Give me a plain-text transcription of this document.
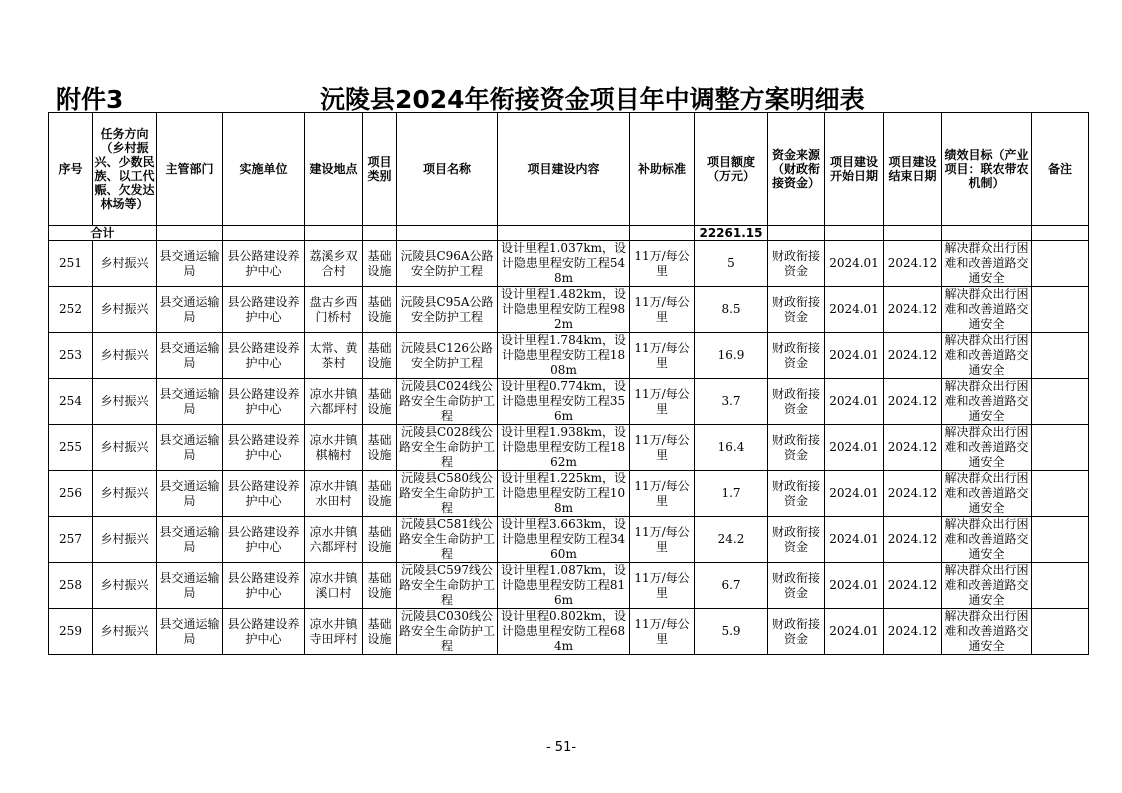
附件3	沅陵县2024年衔接资金项目年中调整方案明细表
序号	任务方向（乡村振兴、少数民族、以工代赈、欠发达林场等）	主管部门	实施单位	建设地点	项目类别	项目名称	项目建设内容	补助标准	项目额度（万元）	资金来源（财政衔接资金）	项目建设开始日期	项目建设结束日期	绩效目标（产业项目：联农带农机制）	备注
合计									22261.15					

251	乡村振兴	县交通运输局	县公路建设养护中心	荔溪乡双合村	基础设施	沅陵县C96A公路安全防护工程	设计里程1.037km，设计隐患里程安防工程548m	11万/每公里	5	财政衔接资金	2024.01	2024.12	解决群众出行困难和改善道路交通安全	

252	乡村振兴	县交通运输局	县公路建设养护中心	盘古乡西门桥村	基础设施	沅陵县C95A公路安全防护工程	设计里程1.482km，设计隐患里程安防工程982m	11万/每公里	8.5	财政衔接资金	2024.01	2024.12	解决群众出行困难和改善道路交通安全	

253	乡村振兴	县交通运输局	县公路建设养护中心	太常、黄茶村	基础设施	沅陵县C126公路安全防护工程	设计里程1.784km，设计隐患里程安防工程1808m	11万/每公里	16.9	财政衔接资金	2024.01	2024.12	解决群众出行困难和改善道路交通安全	

254	乡村振兴	县交通运输局	县公路建设养护中心	凉水井镇六都坪村	基础设施	沅陵县C024线公路安全生命防护工程	设计里程0.774km，设计隐患里程安防工程356m	11万/每公里	3.7	财政衔接资金	2024.01	2024.12	解决群众出行困难和改善道路交通安全	

255	乡村振兴	县交通运输局	县公路建设养护中心	凉水井镇棋楠村	基础设施	沅陵县C028线公路安全生命防护工程	设计里程1.938km，设计隐患里程安防工程1862m	11万/每公里	16.4	财政衔接资金	2024.01	2024.12	解决群众出行困难和改善道路交通安全	

256	乡村振兴	县交通运输局	县公路建设养护中心	凉水井镇水田村	基础设施	沅陵县C580线公路安全生命防护工程	设计里程1.225km，设计隐患里程安防工程108m	11万/每公里	1.7	财政衔接资金	2024.01	2024.12	解决群众出行困难和改善道路交通安全	

257	乡村振兴	县交通运输局	县公路建设养护中心	凉水井镇六都坪村	基础设施	沅陵县C581线公路安全生命防护工程	设计里程3.663km，设计隐患里程安防工程3460m	11万/每公里	24.2	财政衔接资金	2024.01	2024.12	解决群众出行困难和改善道路交通安全	

258	乡村振兴	县交通运输局	县公路建设养护中心	凉水井镇溪口村	基础设施	沅陵县C597线公路安全生命防护工程	设计里程1.087km，设计隐患里程安防工程816m	11万/每公里	6.7	财政衔接资金	2024.01	2024.12	解决群众出行困难和改善道路交通安全	

259	乡村振兴	县交通运输局	县公路建设养护中心	凉水井镇寺田坪村	基础设施	沅陵县C030线公路安全生命防护工程	设计里程0.802km，设计隐患里程安防工程684m	11万/每公里	5.9	财政衔接资金	2024.01	2024.12	解决群众出行困难和改善道路交通安全	

- 51-
